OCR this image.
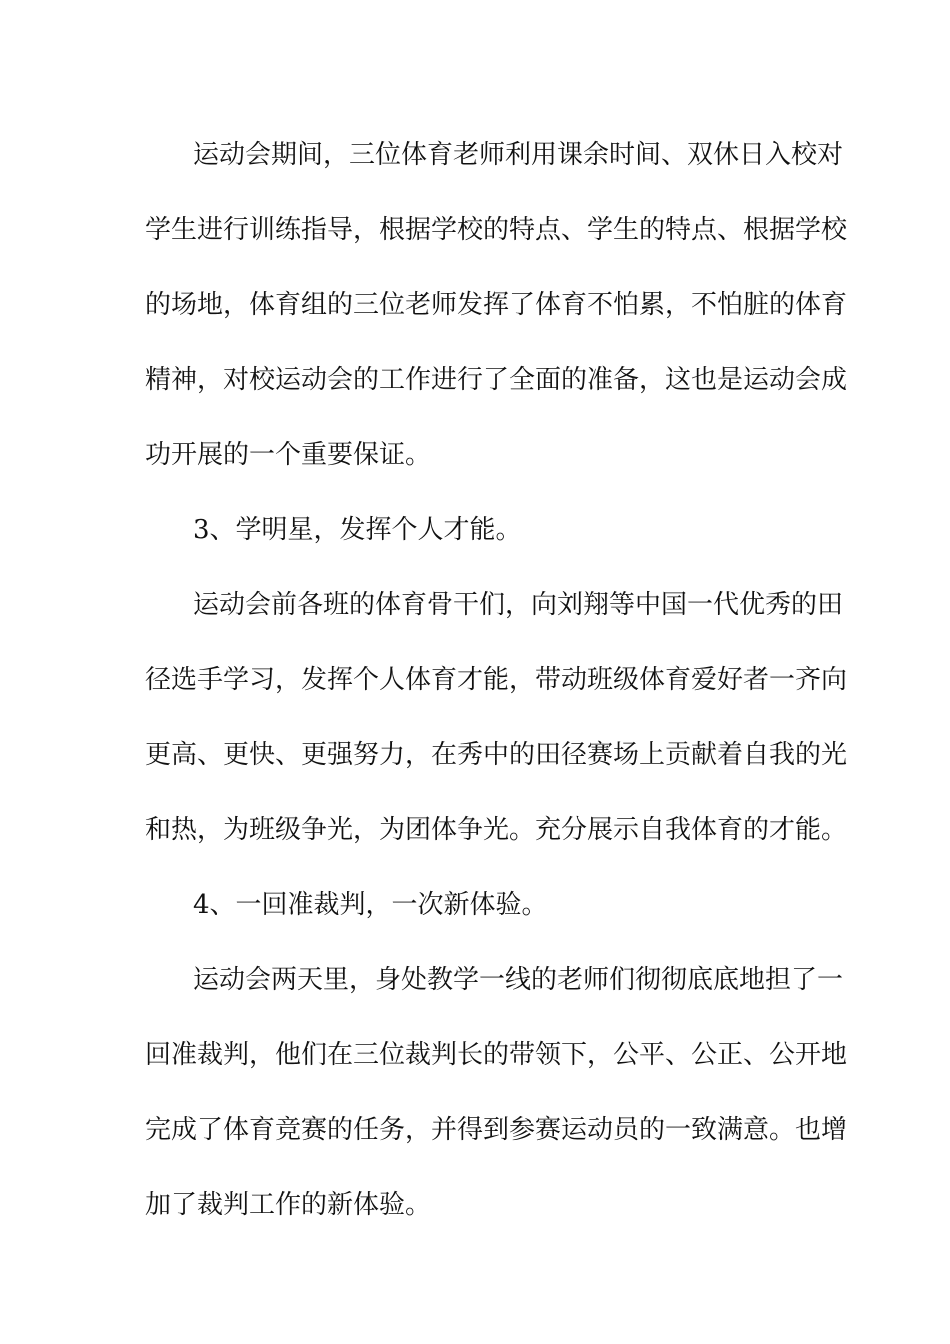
运动会期间，三位体育老师利用课余时间、双休日入校对
学生进行训练指导，根据学校的特点、学生的特点、根据学校
的场地，体育组的三位老师发挥了体育不怕累，不怕脏的体育
精神，对校运动会的工作进行了全面的准备，这也是运动会成
功开展的一个重要保证。
3、学明星，发挥个人才能。
运动会前各班的体育骨干们，向刘翔等中国一代优秀的田
径选手学习，发挥个人体育才能，带动班级体育爱好者一齐向
更高、更快、更强努力，在秀中的田径赛场上贡献着自我的光
和热，为班级争光，为团体争光。充分展示自我体育的才能。
4、一回准裁判，一次新体验。
运动会两天里，身处教学一线的老师们彻彻底底地担了一
回准裁判，他们在三位裁判长的带领下，公平、公正、公开地
完成了体育竞赛的任务，并得到参赛运动员的一致满意。也增
加了裁判工作的新体验。
